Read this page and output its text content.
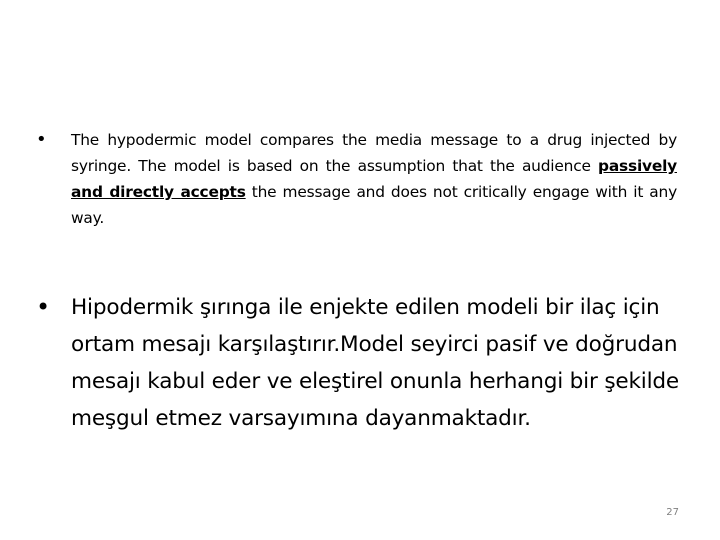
•	The hypodermic model compares the media message to a drug injected by syringe. The model is based on the assumption that the audience passively and directly accepts the message and does not critically engage with it any way.
• Hipodermik şırınga ile enjekte edilen modeli bir ilaç için ortam mesajı karşılaştırır.Model seyirci pasif ve doğrudan mesajı kabul eder ve eleştirel onunla herhangi bir şekilde meşgul etmez varsayımına dayanmaktadır.
27
